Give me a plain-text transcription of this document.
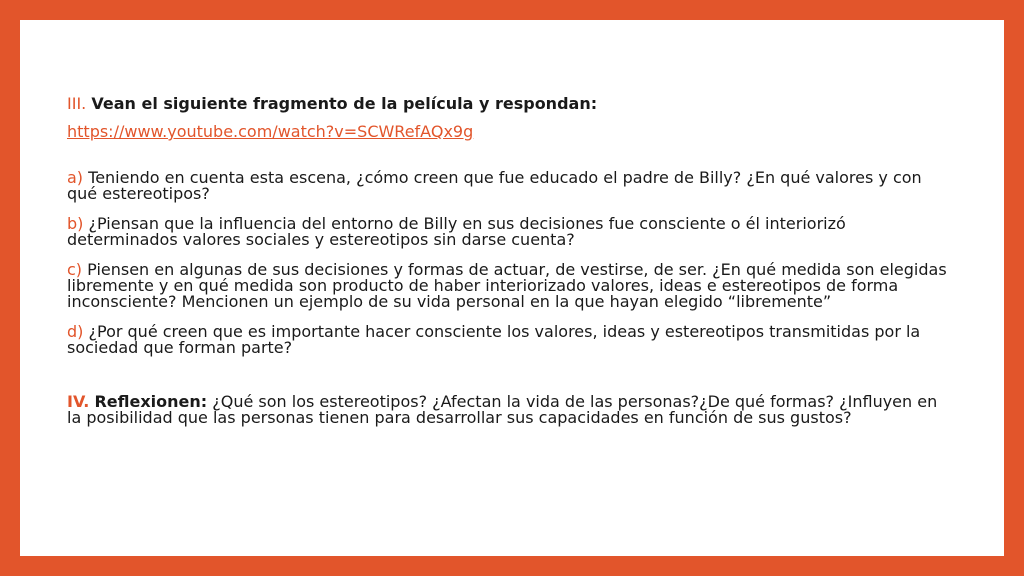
III. Vean el siguiente fragmento de la película y respondan:

https://www.youtube.com/watch?v=SCWRefAQx9g

a) Teniendo en cuenta esta escena, ¿cómo creen que fue educado el padre de Billy? ¿En qué valores y con qué estereotipos?

b) ¿Piensan que la influencia del entorno de Billy en sus decisiones fue consciente o él interiorizó determinados valores sociales y estereotipos sin darse cuenta?

c) Piensen en algunas de sus decisiones y formas de actuar, de vestirse, de ser. ¿En qué medida son elegidas libremente y en qué medida son producto de haber interiorizado valores, ideas e estereotipos de forma inconsciente? Mencionen un ejemplo de su vida personal en la que hayan elegido “libremente”

d) ¿Por qué creen que es importante hacer consciente los valores, ideas y estereotipos transmitidas por la sociedad que forman parte?

IV. Reflexionen: ¿Qué son los estereotipos? ¿Afectan la vida de las personas?¿De qué formas? ¿Influyen en la posibilidad que las personas tienen para desarrollar sus capacidades en función de sus gustos?
